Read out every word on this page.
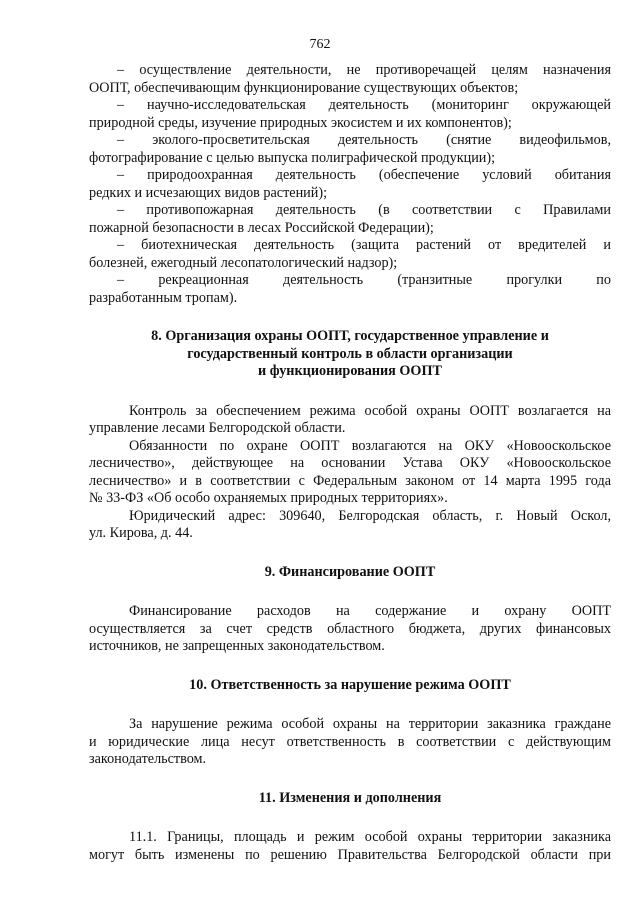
762
– осуществление деятельности, не противоречащей целям назначения
ООПТ, обеспечивающим функционирование существующих объектов;
– научно-иcследовательская деятельность (мониторинг окружающей
природной среды, изучение природных экосистем и их компонентов);
– эколого-просветительская деятельность (снятие видеофильмов,
фотографирование с целью выпуска полиграфической продукции);
– природоохранная деятельность (обеспечение условий обитания
редких и исчезающих видов растений);
– противопожарная деятельность (в соответствии с Правилами
пожарной безопасности в лесах Российской Федерации);
– биотехническая деятельность (защита растений от вредителей и
болезней, ежегодный лесопатологический надзор);
– рекреационная деятельность (транзитные прогулки по
разработанным тропам).
8. Организация охраны ООПТ, государственное управление и
государственный контроль в области организации
и функционирования ООПТ
Контроль за обеспечением режима особой охраны ООПТ возлагается на
управление лесами Белгородской области.
Обязанности по охране ООПТ возлагаются на ОКУ «Новооскольское
лесничество», действующее на основании Устава ОКУ «Новооскольское
лесничество» и в соответствии с Федеральным законом от 14 марта 1995 года
№ 33-ФЗ «Об особо охраняемых природных территориях».
Юридический адрес: 309640, Белгородская область, г. Новый Оскол,
ул. Кирова, д. 44.
9. Финансирование ООПТ
Финансирование расходов на содержание и охрану ООПТ
осуществляется за счет средств областного бюджета, других финансовых
источников, не запрещенных законодательством.
10. Ответственность за нарушение режима ООПТ
За нарушение режима особой охраны на территории заказника граждане
и юридические лица несут ответственность в соответствии с действующим
законодательством.
11. Изменения и дополнения
11.1. Границы, площадь и режим особой охраны территории заказника
могут быть изменены по решению Правительства Белгородской области при
